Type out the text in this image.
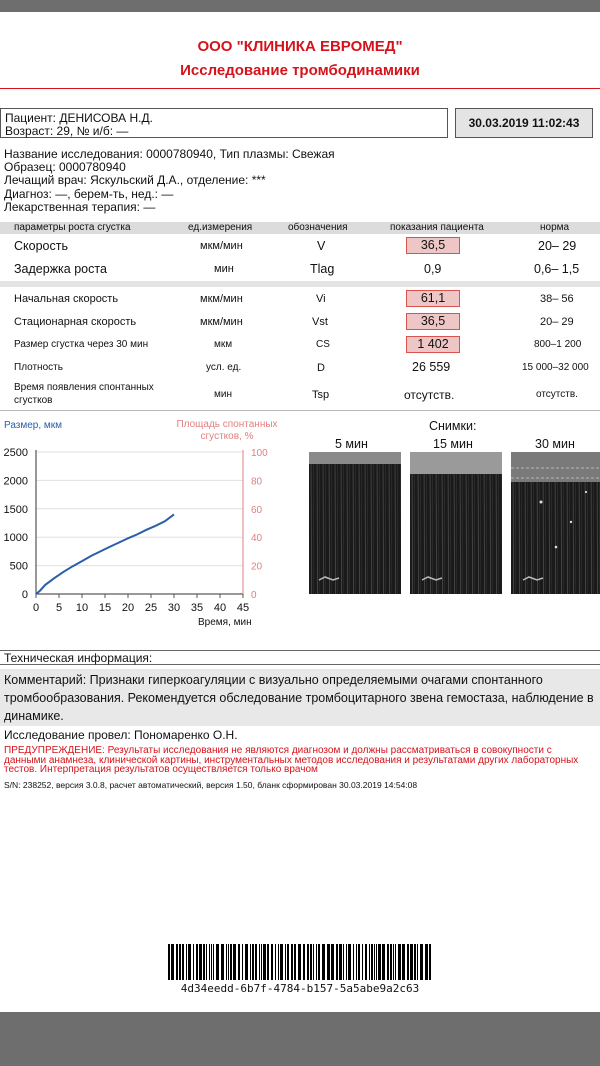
ООО "КЛИНИКА ЕВРОМЕД"
Исследование тромбодинамики
Пациент: ДЕНИСОВА Н.Д.
Возраст: 29, № и/б: —
30.03.2019 11:02:43
Название исследования: 0000780940, Тип плазмы: Свежая
Образец: 0000780940
Лечащий врач: Яскульский Д.А., отделение: ***
Диагноз: —, берем-ть, нед.: —
Лекарственная терапия: —
параметры роста сгустка	ед.измерения	обозначения	показания пациента	норма
Скорость	мкм/мин	V	36,5	20– 29
Задержка роста	мин	Tlag	0,9	0,6– 1,5
Начальная скорость	мкм/мин	Vi	61,1	38– 56
Стационарная скорость	мкм/мин	Vst	36,5	20– 29
Размер сгустка через 30 мин	мкм	CS	1 402	800–1 200
Плотность	усл. ед.	D	26 559	15 000–32 000
Время появления спонтанных
сгустков
мин	Tsp	отсутств.	отсутств.
Размер, мкм	Площадь спонтанных сгустков, %
0
500
1000
1500
2000
2500
0
20
40
60
80
100
0 5 10 15 20 25 30 35 40 45
Время, мин
Снимки:
5 мин	15 мин	30 мин
Техническая информация:
Комментарий: Признаки гиперкоагуляции с визуально определяемыми очагами спонтанного тромбообразования. Рекомендуется обследование тромбоцитарного звена гемостаза, наблюдение в динамике.
Исследование провел: Пономаренко О.Н.
ПРЕДУПРЕЖДЕНИЕ: Результаты исследования не являются диагнозом и должны рассматриваться в совокупности с данными анамнеза, клинической картины, инструментальных методов исследования и результатами других лабораторных тестов. Интерпретация результатов осуществляется только врачом
S/N: 238252, версия 3.0.8, расчет автоматический, версия 1.50, бланк сформирован 30.03.2019 14:54:08
4d34eedd-6b7f-4784-b157-5a5abe9a2c63
